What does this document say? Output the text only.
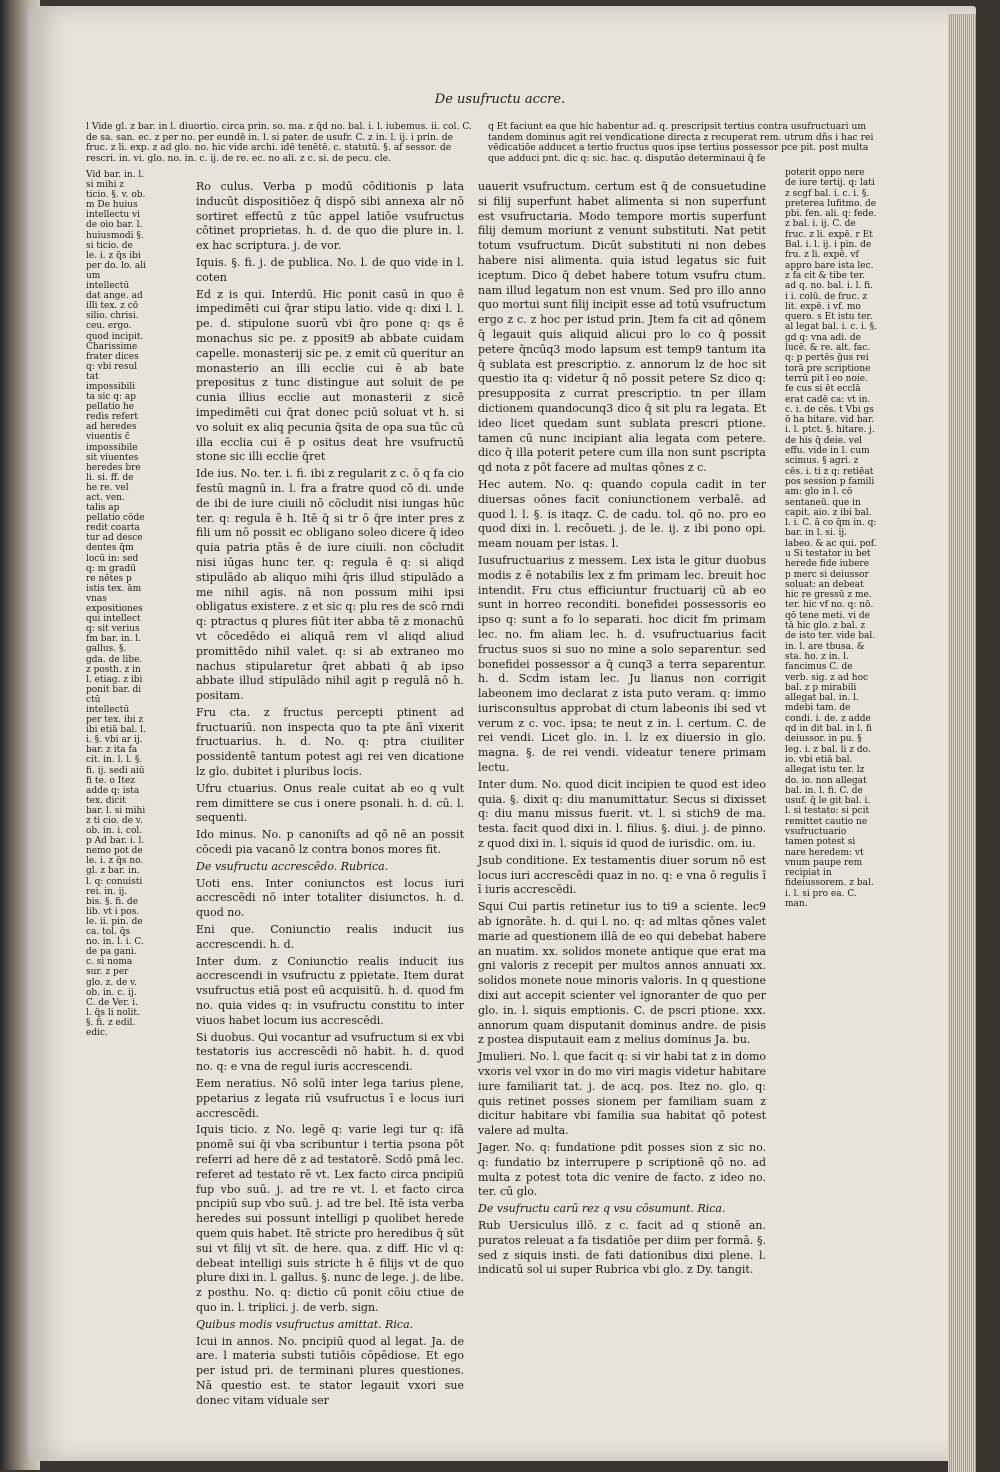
De usufructu accre.
l Vide gl. z bar. in l. diuortio. circa prin. so. ma. z q̄d no. bal. i. l. iubemus. ii. col. C. de sa. san. ec. z per no. per eundē in. l. si pater. de usufr. C. z in. l. ij. i prin. de fruc. z li. exp. z ad glo. no. hic vide archi. idē tenētē. c. statutū. §. af sessor. de rescri. in. vi. glo. no. in. c. ij. de re. ec. no ali. z c. si. de pecu. cle.
q Et faciunt ea que hic habentur ad. q. prescripsit tertius contra usufructuari um tandem dominus agit rei vendicatione directa z recuperat rem. utrum dñs i hac rei vēdicatiōe adducet a tertio fructus quos ipse tertius possessor pce pit. post multa que adduci pnt. dic q: sic. hac. q. disputāo determinaui q̄ fe
Vid bar. in. l. si mihi z ticio. §. v. ob. m De huius intellectu vi de oio bar. l. huiusmodi §. si ticio. de le. i. z q̄s ibi per do. lo. ali um intellectū dat ange. ad illi tex. z cō silio. chrisi. ceu. ergo. quod incipit. Charissime frater dices q: vbi resul tat impossibili ta sic q: ap pellatio he redis refert ad heredes viuentis c̄ impossibile sit viuentes heredes bre li. si. ff. de he re. vel act. ven. talis ap pellatio cōde redit coarta tur ad desce dentes q̄m locū in: sed q: m gradū re nētes p istis tex. ām vnas expositiones qui intellect q: sit verius fm bar. in. l. gallus. §. gda. de libe. z posth. z in l. etiag. z ibi ponit bar. di ctū intellectū per tex. ibi z ibi etiā bal. l. i. §. vbi ar ij. bar. z ita fa cit. in. l. l. §. fi. ij. sedi aiū fi te. o Itez adde q: ista tex. dicit bar. l. si mihi z ti cio. de v. ob. in. i. col. p Ad bar. i. l. nemo pot de le. i. z q̄s no. gl. z bar. in. l. q: conuisti rei. in. ij. bis. §. fi. de lib. vt i pos. le. ii. pin. de ca. tol. q̄s no. in. l. i. C. de pa gani. c. si noma sur. z per glo. z. de v. ob. in. c. ij. C. de Ver. i. l. q̄s li nolit. §. fi. z edil. edic.

Ro culus. Verba p modū cōditionis p lata inducūt dispositiōez q̄ dispō sibi annexa alr nō sortiret effectū z tūc appel latiōe vsufructus cōtinet proprietas. h. d. de quo die plure in. l. ex hac scriptura. j. de vor.

Iquis. §. fi. j. de publica. No. l. de quo vide in l. coten

Ed z is qui. Interdū. Hic ponit casū in quo ē impedimēti cui q̄rar stipu latio. vide q: dixi l. l. pe. d. stipulone suorū vbi q̄ro pone q: qs ē monachus sic pe. z pposit9 ab abbate cuidam capelle. monasterij sic pe. z emit cū queritur an monasterio an illi ecclie cui ē ab bate prepositus z tunc distingue aut soluit de pe cunia illius ecclie aut monasterii z sicē impedimēti cui q̄rat donec pciū soluat vt h. si vo soluit ex aliq pecunia q̄sita de opa sua tūc cū illa ecclia cui ē p ositus deat hre vsufructū stone sic illi ecclie q̄ret

Ide ius. No. ter. i. fi. ibi z regularit z c. ō q fa cio festū magnū in. l. fra a fratre quod cō di. unde de ibi de iure ciuili nō cōcludit nisi iungas hūc ter. q: regula ē h. Itē q̄ si tr ō q̄re inter pres z fili um nō possit ec obligano soleo dicere q̄ ideo quia patria ptās ē de iure ciuili. non cōcludit nisi iūgas hunc ter. q: regula ē q: si aliqd stipulādo ab aliquo mihi q̄ris illud stipulādo a me nihil agis. nā non possum mihi ipsi obligatus existere. z et sic q: plu res de scō rndi q: ptractus q plures fiūt iter abba tē z monachū vt cōcedēdo ei aliquā rem vl aliqd aliud promittēdo nihil valet. q: si ab extraneo mo nachus stipularetur q̄ret abbati q̄ ab ipso abbate illud stipulādo nihil agit p regulā nō h. positam.

Fru cta. z fructus percepti ptinent ad fructuariū. non inspecta quo ta pte ānī vixerit fructuarius. h. d. No. q: ptra ciuiliter possidentē tantum potest agi rei ven dicatione lz glo. dubitet i pluribus locis.

Ufru ctuarius. Onus reale cuitat ab eo q vult rem dimittere se cus i onere psonali. h. d. cū. l. sequenti.

Ido minus. No. p canoniſts ad qō̄ nē an possit cōcedi pia vacanō lz contra bonos mores fit.

De vsufructu accrescēdo. Rubrica.

Uoti ens. Inter coniunctos est locus iuri accrescēdi nō inter totaliter disiunctos. h. d. quod no.

Eni que. Coniunctio realis inducit ius accrescendi. h. d.

Inter dum. z Coniunctio realis inducit ius accrescendi in vsufructu z ppietate. Item durat vsufructus etiā post eū acquisitū. h. d. quod fm no. quia vides q: in vsufructu constitu to inter viuos habet locum ius accrescēdi.

Si duobus. Qui vocantur ad vsufructum si ex vbi testatoris ius accrescēdi nō habit. h. d. quod no. q: e vna de regul iuris accrescendi.

Eem neratius. Nō solū inter lega tarius plene, ppetarius z legata riū vsufructus ī e locus iuri accrescēdi.

Iquis ticio. z No. legē q: varie legi tur q: ifā pnomē sui q̄i vba scribuntur i tertia psona pōt referri ad here dē z ad testatorē. Scdō pmā lec. referet ad testato rē vt. Lex facto circa pncipiū fup vbo suū. j. ad tre re vt. l. et facto circa pncipiū sup vbo suū. j. ad tre bel. Itē ista verba heredes sui possunt intelligi p quolibet herede quem quis habet. Itē stricte pro heredibus q̄ sūt sui vt filij vt sīt. de here. qua. z diff. Hic vl q: debeat intelligi suis stricte h ē filijs vt de quo plure dixi in. l. gallus. §. nunc de lege. j. de libe. z posthu. No. q: dictio cū ponit cōiu ctiue de quo in. l. triplici. j. de verb. sign.

Quibus modis vsufructus amittat. Rica.

Icui in annos. No. pncipiū quod al legat. Ja. de are. l materia substi tutiōis cōpēdiose. Et ego per istud pri. de terminani plures questiones. Nā questio est. te stator legauit vxori sue donec vitam viduale ser

uauerit vsufructum. certum est q̄ de consuetudine si filij superfunt habet alimenta si non superfunt est vsufructaria. Modo tempore mortis superfunt filij demum moriunt z venunt substituti. Nat petit totum vsufructum. Dicūt substituti ni non debes habere nisi alimenta. quia istud legatus sic fuit iceptum. Dico q̄ debet habere totum vsufru ctum. nam illud legatum non est vnum. Sed pro illo anno quo mortui sunt filij incipit esse ad totū vsufructum ergo z c. z hoc per istud prin. Jtem fa cit ad qōnem q̄ legauit quis aliquid alicui pro lo co q̄ possit petere q̄ncūq3 modo lapsum est temp9 tantum ita q̄ sublata est prescriptio. z. annorum lz de hoc sit questio ita q: videtur q̄ nō possit petere Sz dico q: presupposita z currat prescriptio. tn per illam dictionem quandocunq3 dico q̄ sit plu ra legata. Et ideo licet quedam sunt sublata prescri ptione. tamen cū nunc incipiant alia legata com petere. dico q̄ illa poterit petere cum illa non sunt pscripta qd nota z pōt facere ad multas qōnes z c.

Hec autem. No. q: quando copula cadit in ter diuersas oōnes facit coniunctionem verbalē. ad quod l. l. §. is itaqz. C. de cadu. tol. qō no. pro eo quod dixi in. l. recōueti. j. de le. ij. z ibi pono opi. meam nouam per istas. l.

Iusufructuarius z messem. Lex ista le gitur duobus modis z ē notabilis lex z fm primam lec. breuit hoc intendit. Fru ctus efficiuntur fructuarij cū ab eo sunt in horreo reconditi. bonefidei possessoris eo ipso q: sunt a fo lo separati. hoc dicit fm primam lec. no. fm aliam lec. h. d. vsufructuarius facit fructus suos si suo no mine a solo separentur. sed bonefidei possessor a q̄ cunq3 a terra separentur. h. d. Scdm istam lec. Ju lianus non corrigit labeonem imo declarat z ista puto veram. q: immo iurisconsultus approbat di ctum labeonis ibi sed vt verum z c. voc. ipsa; te neut z in. l. certum. C. de rei vendi. Licet glo. in. l. lz ex diuersio in glo. magna. §. de rei vendi. videatur tenere primam lectu.

Inter dum. No. quod dicit incipien te quod est ideo quia. §. dixit q: diu manumittatur. Secus si dixisset q: diu manu missus fuerit. vt. l. si stich9 de ma. testa. facit quod dixi in. l. filius. §. diui. j. de pinno. z quod dixi in. l. siquis id quod de iurisdic. om. iu.

Jsub conditione. Ex testamentis diuer sorum nō est locus iuri accrescēdi quaz in no. q: e vna ō regulis ī ī iuris accrescēdi.

Squi Cui partis retinetur ius to ti9 a sciente. lec9 ab ignorāte. h. d. qui l. no. q: ad mltas qōnes valet marie ad questionem illā de eo qui debebat habere an nuatim. xx. solidos monete antique que erat ma gni valoris z recepit per multos annos annuati xx. solidos monete noue minoris valoris. In q questione dixi aut accepit scienter vel ignoranter de quo per glo. in. l. siquis emptionis. C. de pscri ptione. xxx. annorum quam disputanit dominus andre. de pisis z postea disputauit eam z melius dominus Ja. bu.

Jmulieri. No. l. que facit q: si vir habi tat z in domo vxoris vel vxor in do mo viri magis videtur habitare iure familiarit tat. j. de acq. pos. Itez no. glo. q: quis retinet posses sionem per familiam suam z dicitur habitare vbi familia sua habitat qō potest valere ad multa.

Jager. No. q: fundatione pdit posses sion z sic no. q: fundatio bz interrupere p scriptionē qō no. ad multa z potest tota dic venire de facto. z ideo no. ter. cū glo.

De vsufructu carū rez q vsu cōsumunt. Rica.

Rub Uersiculus illō. z c. facit ad q stionē an. puratos releuat a fa tisdatiōe per diim per formā. §. sed z siquis insti. de fati dationibus dixi plene. l. indicatū sol ui super Rubrica vbi glo. z Dy. tangit.

poterit oppo nere de iure tertij. q: lati z scgf bal. i. c. i. §. preterea lufitmo. de pbi. fen. ali. q: fede. z bal. i. ij. C. de fruc. z li. expē. r Et Bal. i. l. ij. i pin. de fru. z li. expē. vf appro bare ista lec. z fa cit & tibe ter. ad q. no. bal. i. l. fi. i i. colū. de fruc. z lit. expē. i vf. mo quero. s Et istu ter. al legat bal. i. c. i. §. gd q: vna adi. de lucē. & re. alt. fac. q: p pertēs ḡus rei torā pre scriptione ṫerrū pit ī eo noie. fe cus si ēt ecclā erat cadē ca: vt in. c. i. de cēs. t Vbi gs ō ha bitare. vid bar. i. l. ptct. §. hitare. j. de his q̄ deie. vel effu. vide in l. cum scimus. § agri. z cēs. i. ti z q: retiēat pos session p famili am: glo in l. cō sentaneū. que in capit. aio. z ibi bal. l. i. C. ā co q̄m in. q: bar. in l. si. ij. labeo. & ac qui. pof. u Si testator iu bet herede fide iubere p merc si deiussor soluat: an debeat hic re gressū z me. ter. hic vf no. q: nō. qō tene meti. vi de tā hic glo. z bal. z de isto ter. vide bal. in. l. are tbusa. & sta. ho. z in. l. fancimus C. de verb. sig. z ad hoc bal. z p mirabili allegat bal. in. l. mdebi tam. de condi. i. de. z adde qd in dit bal. in l. fi deiussor. in pu. § leg. i. z bal. li z do. io. vbi etiā bal. allegat istu ter. lz do. io. non allegat bal. in. l. fi. C. de usuf. q̄ le git bal. i. l. si testato: si pcit remittet cautio ne vsufructuario tamen potest si nare heredem: vt vnum paupe rem recipiat in fideiussorem. z bal. i. l. si pro ea. C. man.
